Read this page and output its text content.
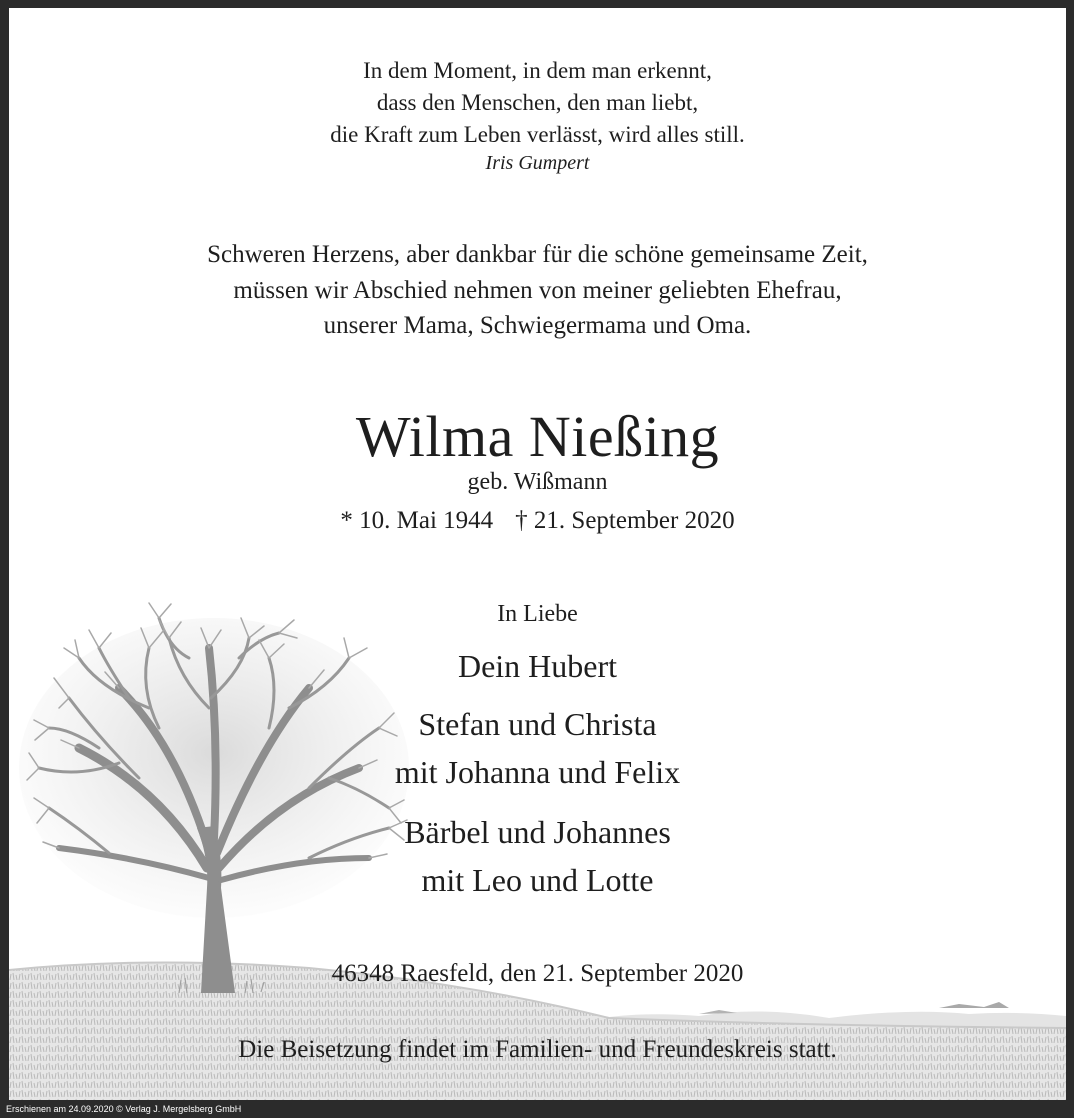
In dem Moment, in dem man erkennt,
dass den Menschen, den man liebt,
die Kraft zum Leben verlässt, wird alles still.
Iris Gumpert
Schweren Herzens, aber dankbar für die schöne gemeinsame Zeit,
müssen wir Abschied nehmen von meiner geliebten Ehefrau,
unserer Mama, Schwiegermama und Oma.
Wilma Nießing
geb. Wißmann
* 10. Mai 1944 † 21. September 2020
In Liebe
Dein Hubert
Stefan und Christa
mit Johanna und Felix
Bärbel und Johannes
mit Leo und Lotte
46348 Raesfeld, den 21. September 2020
Die Beisetzung findet im Familien- und Freundeskreis statt.
Erschienen am 24.09.2020 © Verlag J. Mergelsberg GmbH
